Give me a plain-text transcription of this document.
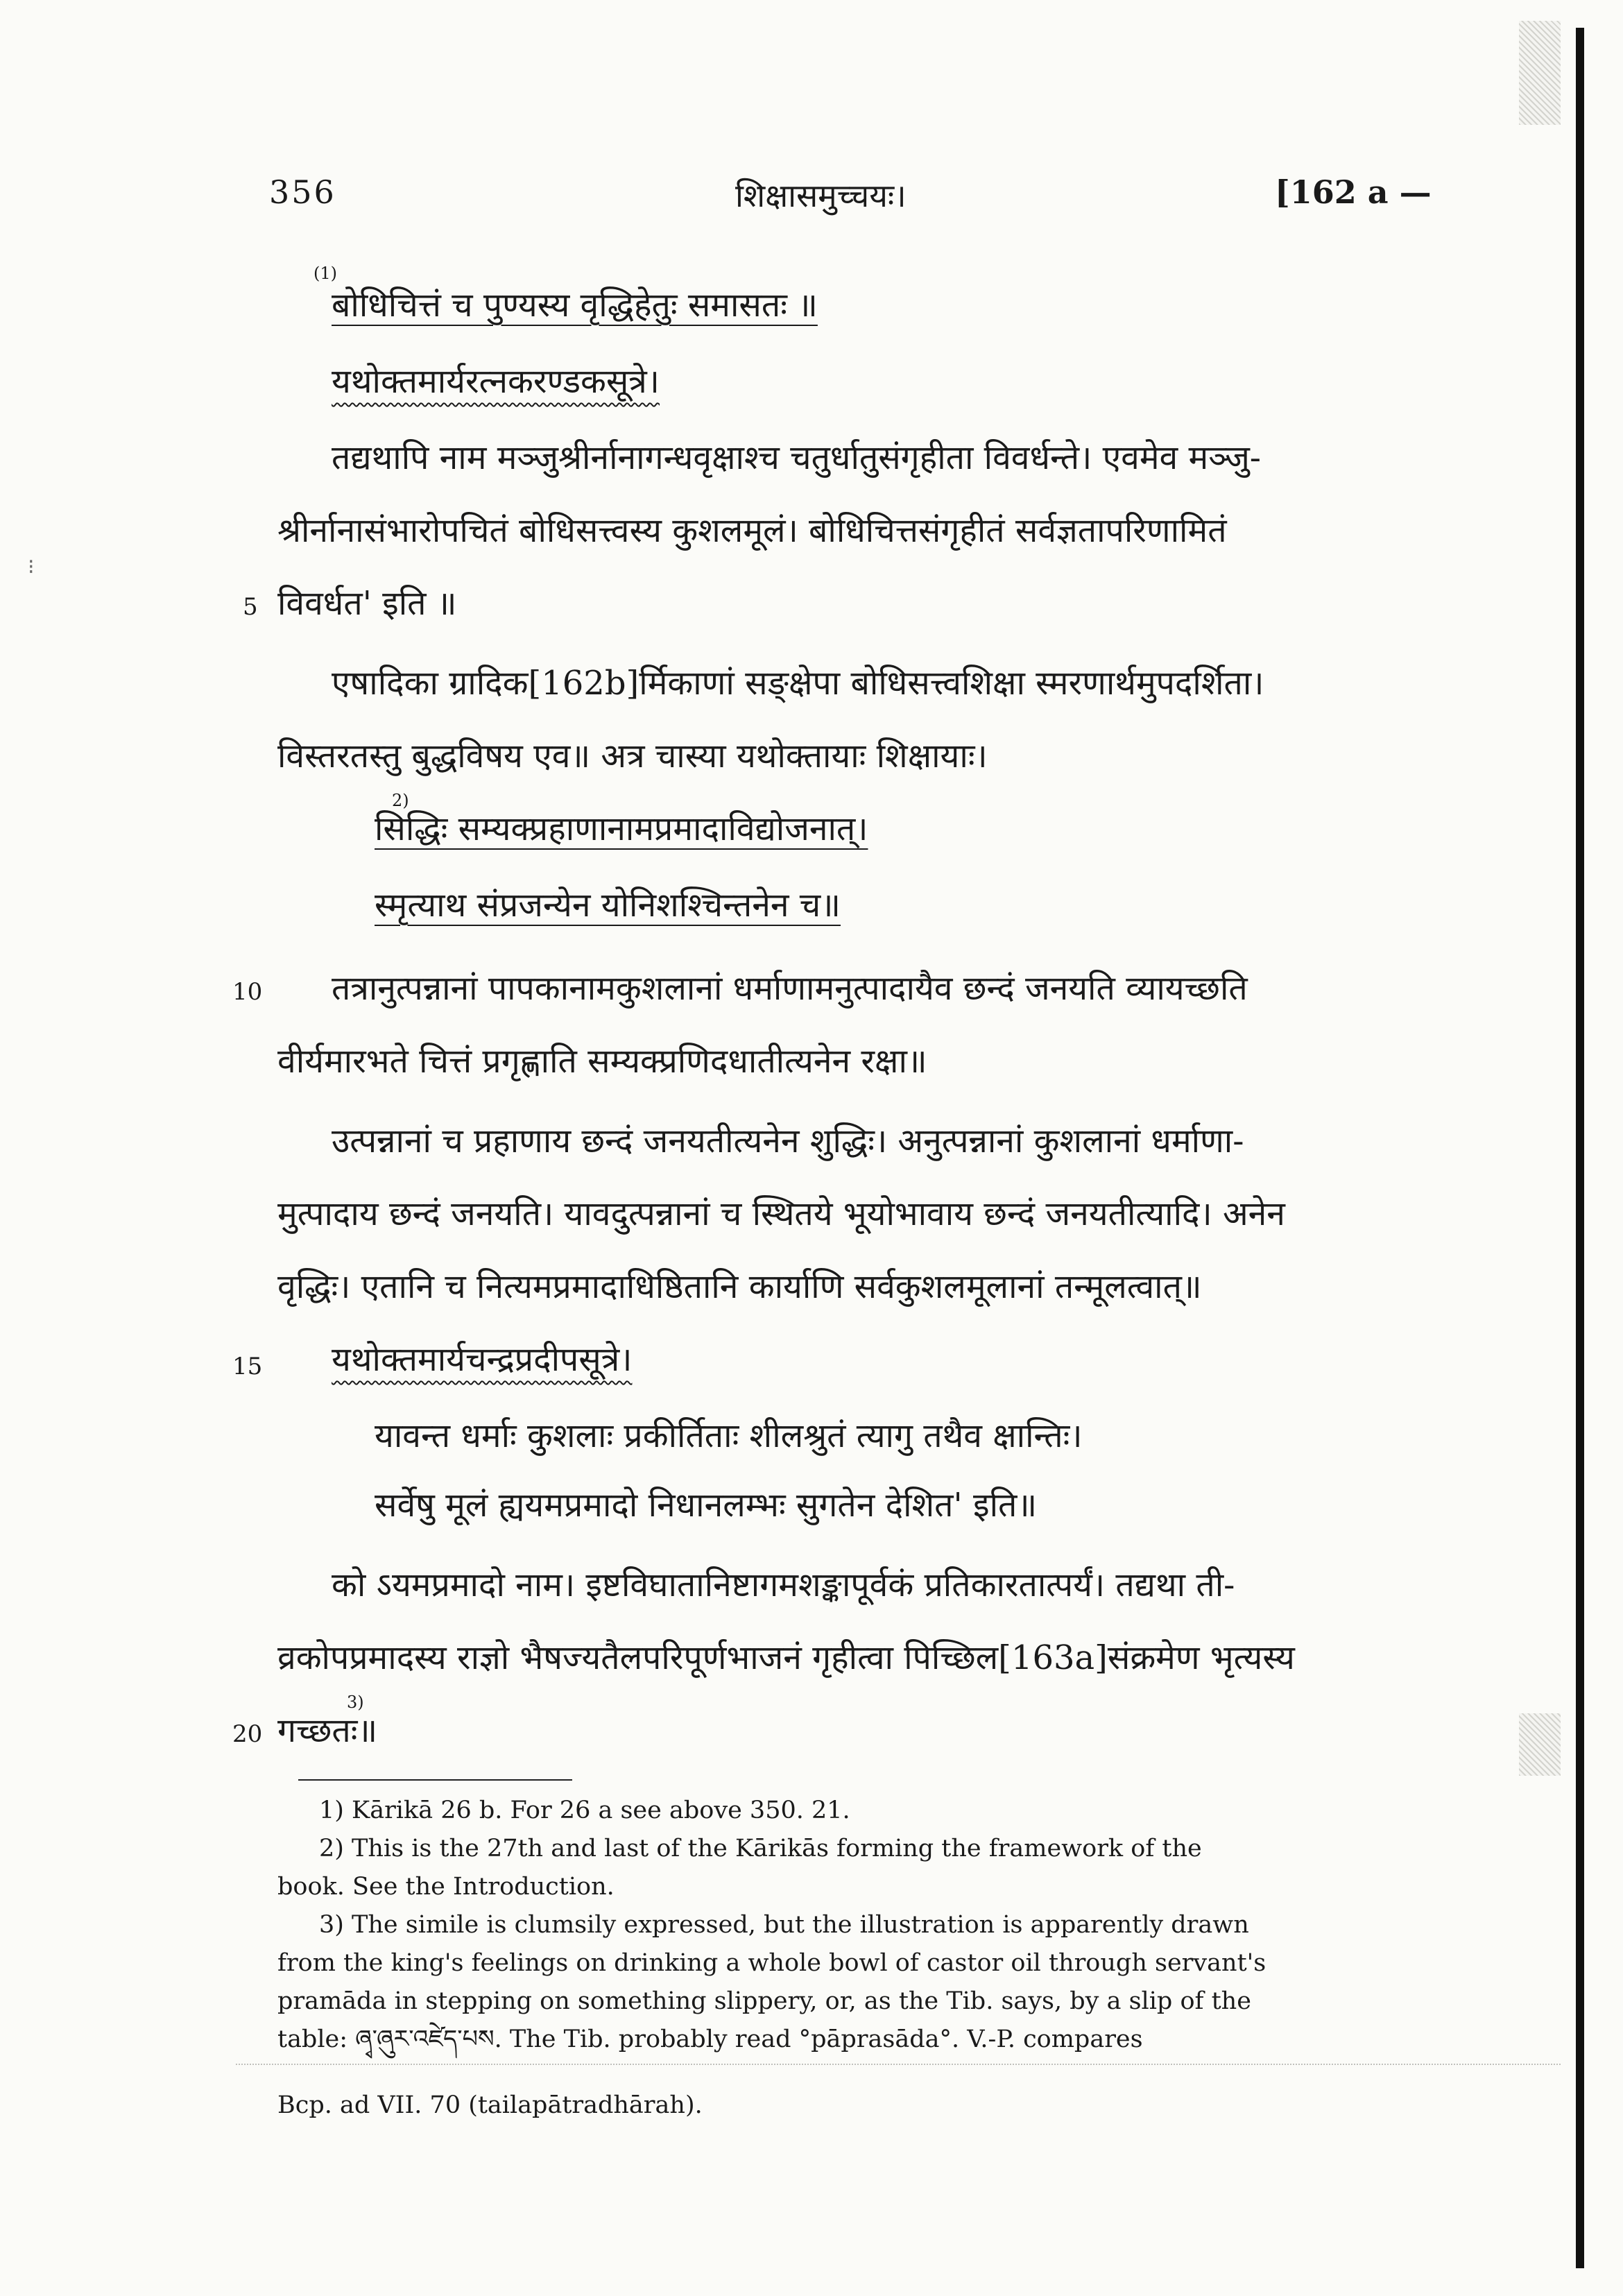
⁝
356	शिक्षासमुच्चयः।	[162 a —
(1)
बोधिचित्तं च पुण्यस्य वृद्धिहेतुः समासतः ॥
यथोक्तमार्यरत्नकरण्डकसूत्रे।
तद्यथापि नाम मञ्जुश्रीर्नानागन्धवृक्षाश्च चतुर्धातुसंगृहीता विवर्धन्ते। एवमेव मञ्जु-
श्रीर्नानासंभारोपचितं बोधिसत्त्वस्य कुशलमूलं। बोधिचित्तसंगृहीतं सर्वज्ञतापरिणामितं
5 विवर्धत' इति ॥
एषादिका ग्रादिक[162b]र्मिकाणां सङ्क्षेपा बोधिसत्त्वशिक्षा स्मरणार्थमुपदर्शिता।
विस्तरतस्तु बुद्धविषय एव॥ अत्र चास्या यथोक्तायाः शिक्षायाः।
2)
सिद्धिः सम्यक्प्रहाणानामप्रमादाविद्योजनात्।
स्मृत्याथ संप्रजन्येन योनिशश्चिन्तनेन च॥
10 तत्रानुत्पन्नानां पापकानामकुशलानां धर्माणामनुत्पादायैव छन्दं जनयति व्यायच्छति
वीर्यमारभते चित्तं प्रगृह्णाति सम्यक्प्रणिदधातीत्यनेन रक्षा॥
उत्पन्नानां च प्रहाणाय छन्दं जनयतीत्यनेन शुद्धिः। अनुत्पन्नानां कुशलानां धर्माणा-
मुत्पादाय छन्दं जनयति। यावदुत्पन्नानां च स्थितये भूयोभावाय छन्दं जनयतीत्यादि। अनेन
वृद्धिः। एतानि च नित्यमप्रमादाधिष्ठितानि कार्याणि सर्वकुशलमूलानां तन्मूलत्वात्॥
15 यथोक्तमार्यचन्द्रप्रदीपसूत्रे।
यावन्त धर्माः कुशलाः प्रकीर्तिताः शीलश्रुतं त्यागु तथैव क्षान्तिः।
सर्वेषु मूलं ह्ययमप्रमादो निधानलम्भः सुगतेन देशित' इति॥
को ऽयमप्रमादो नाम। इष्टविघातानिष्टागमशङ्कापूर्वकं प्रतिकारतात्पर्यं। तद्यथा ती-
व्रकोपप्रमादस्य राज्ञो भैषज्यतैलपरिपूर्णभाजनं गृहीत्वा पिच्छिल[163a]संक्रमेण भृत्यस्य
3)
20 गच्छतः॥
1) Kārikā 26 b. For 26 a see above 350. 21.
2) This is the 27th and last of the Kārikās forming the framework of the
book. See the Introduction.
3) The simile is clumsily expressed, but the illustration is apparently drawn
from the king's feelings on drinking a whole bowl of castor oil through servant's
pramāda in stepping on something slippery, or, as the Tib. says, by a slip of the
table: ཞྭ་ཞུར་འཛེད་པས. The Tib. probably read °pāprasāda°. V.-P. compares
Bcp. ad VII. 70 (tailapātradhārah).
